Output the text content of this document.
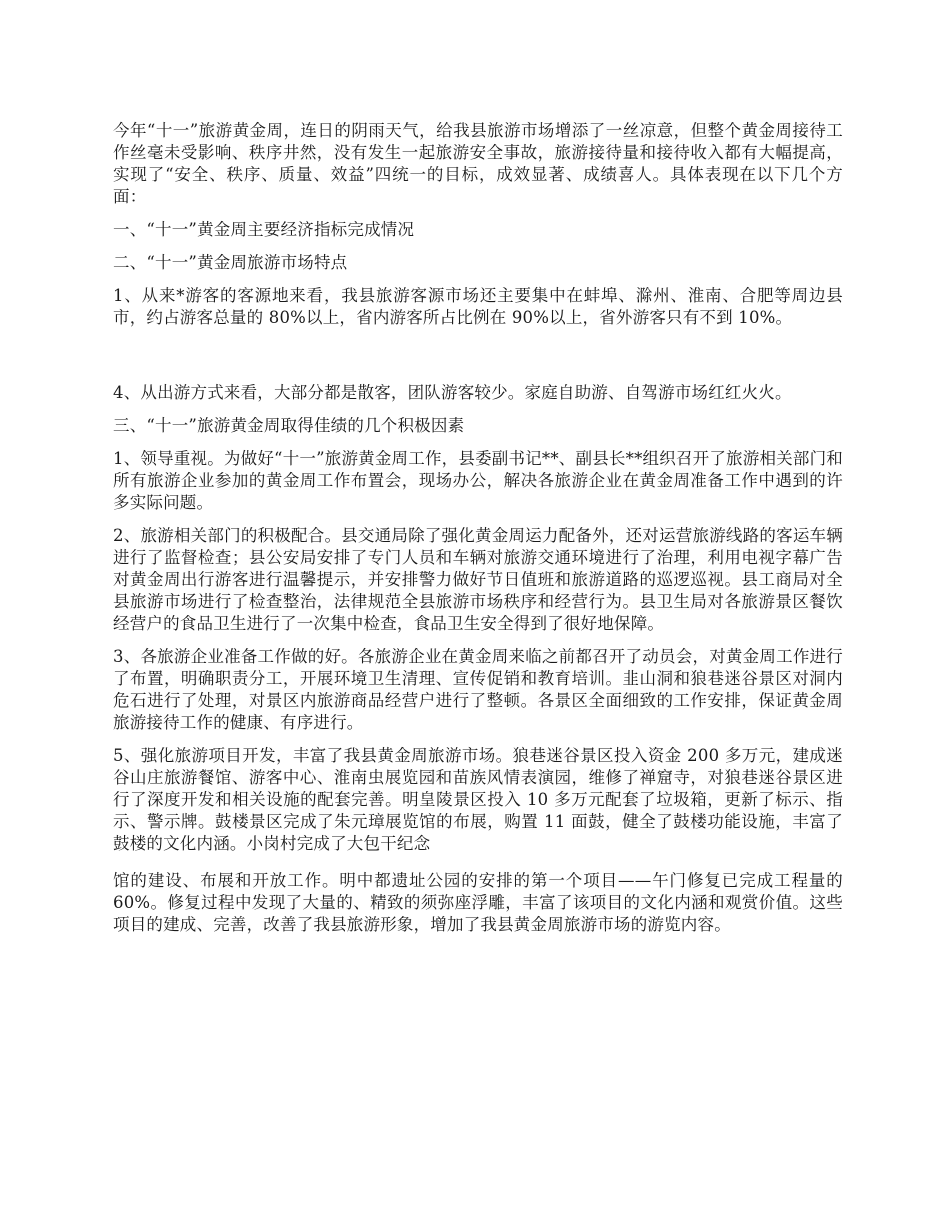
今年“十一”旅游黄金周，连日的阴雨天气，给我县旅游市场增添了一丝凉意，但整个黄金周接待工作丝毫未受影响、秩序井然，没有发生一起旅游安全事故，旅游接待量和接待收入都有大幅提高，实现了“安全、秩序、质量、效益”四统一的目标，成效显著、成绩喜人。具体表现在以下几个方面：

一、“十一”黄金周主要经济指标完成情况

二、“十一”黄金周旅游市场特点

1、从来*游客的客源地来看，我县旅游客源市场还主要集中在蚌埠、滁州、淮南、合肥等周边县市，约占游客总量的 80%以上，省内游客所占比例在 90%以上，省外游客只有不到 10%。

4、从出游方式来看，大部分都是散客，团队游客较少。家庭自助游、自驾游市场红红火火。

三、“十一”旅游黄金周取得佳绩的几个积极因素

1、领导重视。为做好“十一”旅游黄金周工作，县委副书记**、副县长**组织召开了旅游相关部门和所有旅游企业参加的黄金周工作布置会，现场办公，解决各旅游企业在黄金周准备工作中遇到的许多实际问题。

2、旅游相关部门的积极配合。县交通局除了强化黄金周运力配备外，还对运营旅游线路的客运车辆进行了监督检查；县公安局安排了专门人员和车辆对旅游交通环境进行了治理，利用电视字幕广告对黄金周出行游客进行温馨提示，并安排警力做好节日值班和旅游道路的巡逻巡视。县工商局对全县旅游市场进行了检查整治，法律规范全县旅游市场秩序和经营行为。县卫生局对各旅游景区餐饮经营户的食品卫生进行了一次集中检查，食品卫生安全得到了很好地保障。

3、各旅游企业准备工作做的好。各旅游企业在黄金周来临之前都召开了动员会，对黄金周工作进行了布置，明确职责分工，开展环境卫生清理、宣传促销和教育培训。韭山洞和狼巷迷谷景区对洞内危石进行了处理，对景区内旅游商品经营户进行了整顿。各景区全面细致的工作安排，保证黄金周旅游接待工作的健康、有序进行。

5、强化旅游项目开发，丰富了我县黄金周旅游市场。狼巷迷谷景区投入资金 200 多万元，建成迷谷山庄旅游餐馆、游客中心、淮南虫展览园和苗族风情表演园，维修了禅窟寺，对狼巷迷谷景区进行了深度开发和相关设施的配套完善。明皇陵景区投入 10 多万元配套了垃圾箱，更新了标示、指示、警示牌。鼓楼景区完成了朱元璋展览馆的布展，购置 11 面鼓，健全了鼓楼功能设施，丰富了鼓楼的文化内涵。小岗村完成了大包干纪念

馆的建设、布展和开放工作。明中都遗址公园的安排的第一个项目——午门修复已完成工程量的 60%。修复过程中发现了大量的、精致的须弥座浮雕，丰富了该项目的文化内涵和观赏价值。这些项目的建成、完善，改善了我县旅游形象，增加了我县黄金周旅游市场的游览内容。
